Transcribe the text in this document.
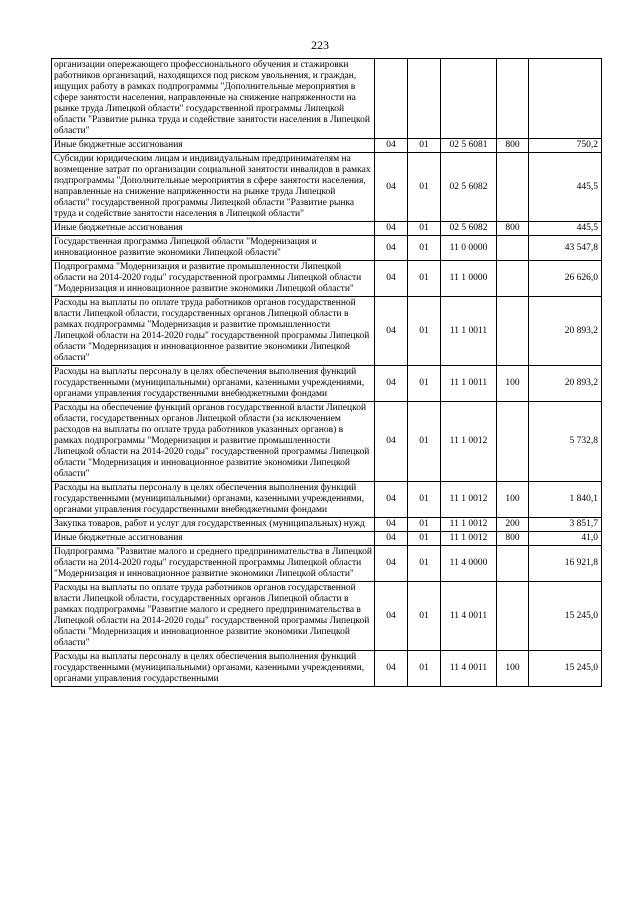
223
организации опережающего профессионального обучения и стажировки работников организаций, находящихся под риском увольнения, и граждан, ищущих работу в рамках подпрограммы "Дополнительные мероприятия в сфере занятости населения, направленные на снижение напряженности на рынке труда Липецкой области" государственной программы Липецкой области "Развитие рынка труда и содействие занятости населения в Липецкой области"					
Иные бюджетные ассигнования	04	01	02 5 6081	800	750,2
Субсидии юридическим лицам и индивидуальным предпринимателям на возмещение затрат по организации социальной занятости инвалидов в рамках подпрограммы "Дополнительные мероприятия в сфере занятости населения, направленные на снижение напряженности на рынке труда Липецкой области" государственной программы Липецкой области "Развитие рынка труда и содействие занятости населения в Липецкой области"	04	01	02 5 6082		445,5
Иные бюджетные ассигнования	04	01	02 5 6082	800	445,5
Государственная программа Липецкой области "Модернизация и инновационное развитие экономики Липецкой области"	04	01	11 0 0000		43 547,8
Подпрограмма "Модернизация и развитие промышленности Липецкой области на 2014-2020 годы" государственной программы Липецкой области "Модернизация и инновационное развитие экономики Липецкой области"	04	01	11 1 0000		26 626,0
Расходы на выплаты по оплате труда работников органов государственной власти Липецкой области, государственных органов Липецкой области в рамках подпрограммы "Модернизация и развитие промышленности Липецкой области на 2014-2020 годы" государственной программы Липецкой области "Модернизация и инновационное развитие экономики Липецкой области"	04	01	11 1 0011		20 893,2
Расходы на выплаты персоналу в целях обеспечения выполнения функций государственными (муниципальными) органами, казенными учреждениями, органами управления государственными внебюджетными фондами	04	01	11 1 0011	100	20 893,2
Расходы на обеспечение функций органов государственной власти Липецкой области, государственных органов Липецкой области (за исключением расходов на выплаты по оплате труда работников указанных органов) в рамках подпрограммы "Модернизация и развитие промышленности Липецкой области на 2014-2020 годы" государственной программы Липецкой области "Модернизация и инновационное развитие экономики Липецкой области"	04	01	11 1 0012		5 732,8
Расходы на выплаты персоналу в целях обеспечения выполнения функций государственными (муниципальными) органами, казенными учреждениями, органами управления государственными внебюджетными фондами	04	01	11 1 0012	100	1 840,1
Закупка товаров, работ и услуг для государственных (муниципальных) нужд	04	01	11 1 0012	200	3 851,7
Иные бюджетные ассигнования	04	01	11 1 0012	800	41,0
Подпрограмма "Развитие малого и среднего предпринимательства в Липецкой области на 2014-2020 годы" государственной программы Липецкой области "Модернизация и инновационное развитие экономики Липецкой области"	04	01	11 4 0000		16 921,8
Расходы на выплаты по оплате труда работников органов государственной власти Липецкой области, государственных органов Липецкой области в рамках подпрограммы "Развитие малого и среднего предпринимательства в Липецкой области на 2014-2020 годы" государственной программы Липецкой области "Модернизация и инновационное развитие экономики Липецкой области"	04	01	11 4 0011		15 245,0
Расходы на выплаты персоналу в целях обеспечения выполнения функций государственными (муниципальными) органами, казенными учреждениями, органами управления государственными	04	01	11 4 0011	100	15 245,0
